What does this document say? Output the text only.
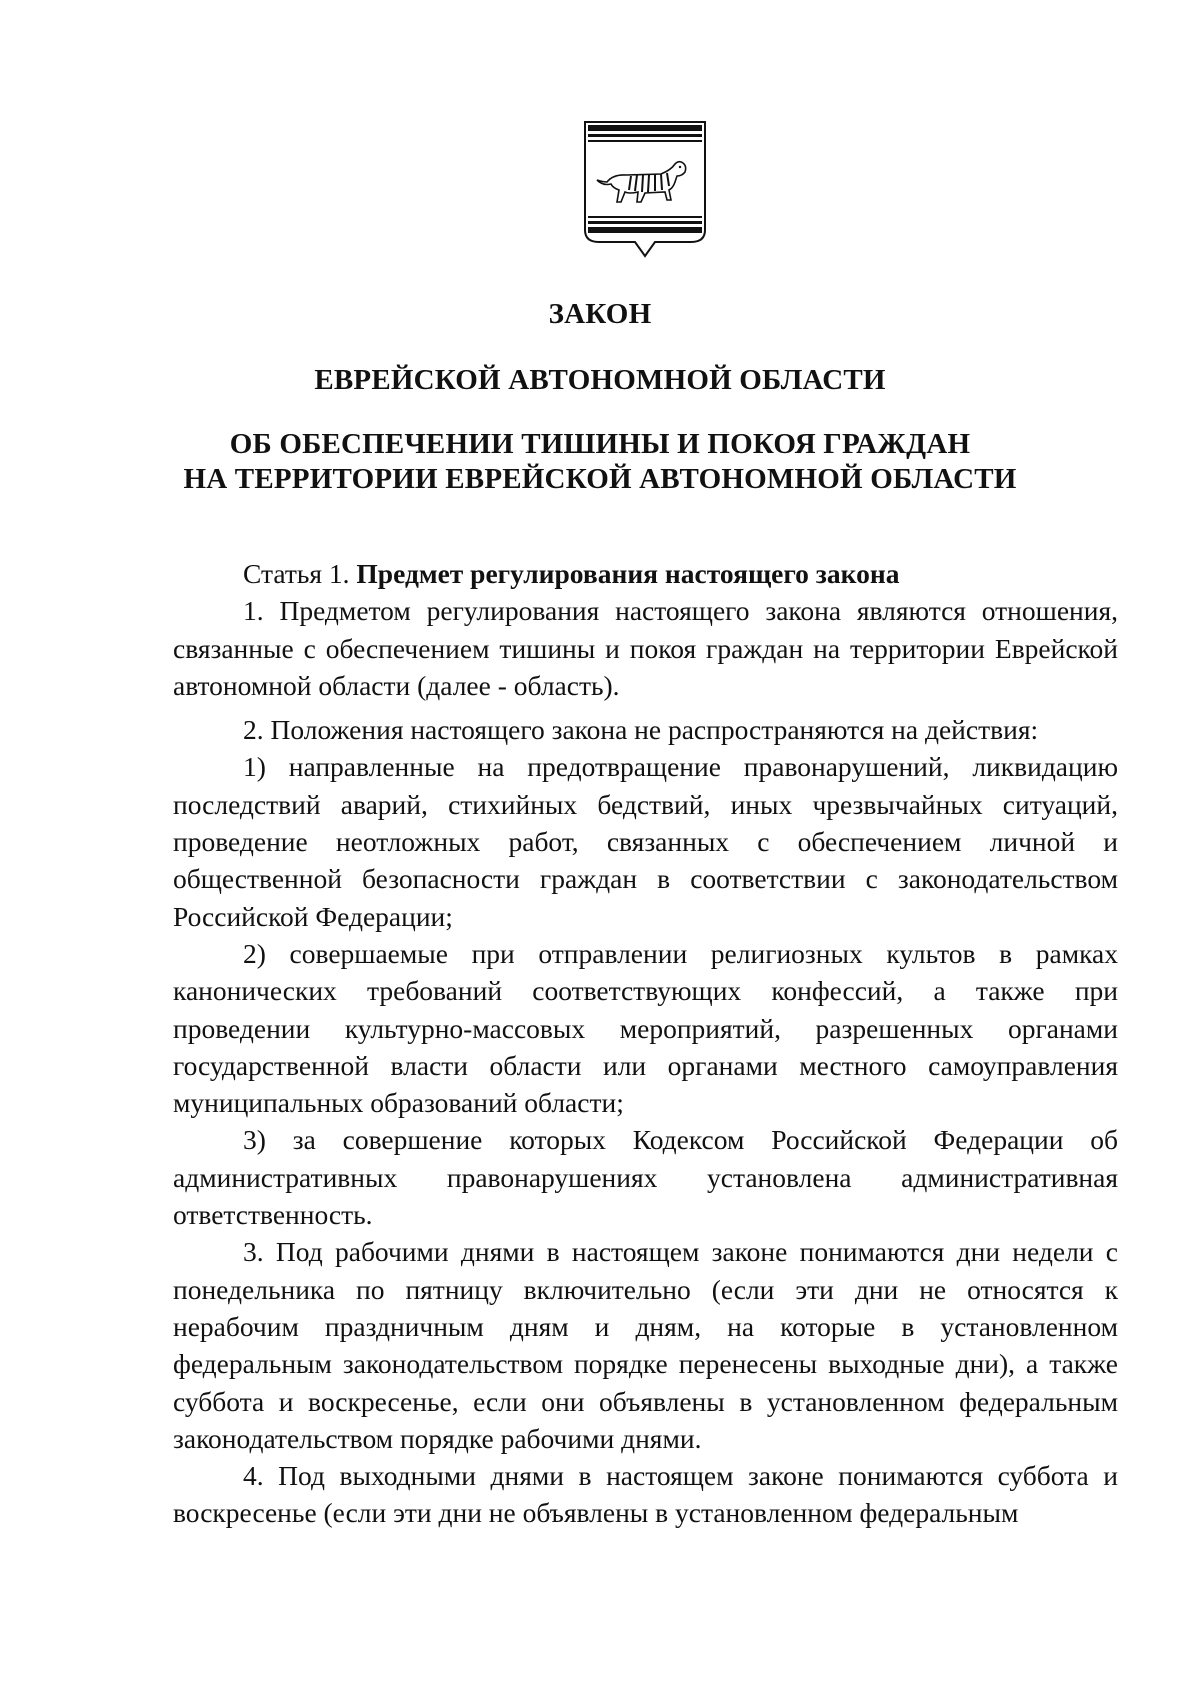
ЗАКОН
ЕВРЕЙСКОЙ АВТОНОМНОЙ ОБЛАСТИ
ОБ ОБЕСПЕЧЕНИИ ТИШИНЫ И ПОКОЯ ГРАЖДАН
НА ТЕРРИТОРИИ ЕВРЕЙСКОЙ АВТОНОМНОЙ ОБЛАСТИ

Статья 1. Предмет регулирования настоящего закона

1. Предметом регулирования настоящего закона являются отношения, связанные с обеспечением тишины и покоя граждан на территории Еврейской автономной области (далее - область).

2. Положения настоящего закона не распространяются на действия:

1) направленные на предотвращение правонарушений, ликвидацию последствий аварий, стихийных бедствий, иных чрезвычайных ситуаций, проведение неотложных работ, связанных с обеспечением личной и общественной безопасности граждан в соответствии с законодательством Российской Федерации;

2) совершаемые при отправлении религиозных культов в рамках канонических требований соответствующих конфессий, а также при проведении культурно-массовых мероприятий, разрешенных органами государственной власти области или органами местного самоуправления муниципальных образований области;

3) за совершение которых Кодексом Российской Федерации об административных правонарушениях установлена административная ответственность.

3. Под рабочими днями в настоящем законе понимаются дни недели с понедельника по пятницу включительно (если эти дни не относятся к нерабочим праздничным дням и дням, на которые в установленном федеральным законодательством порядке перенесены выходные дни), а также суббота и воскресенье, если они объявлены в установленном федеральным законодательством порядке рабочими днями.

4. Под выходными днями в настоящем законе понимаются суббота и воскресенье (если эти дни не объявлены в установленном федеральным
